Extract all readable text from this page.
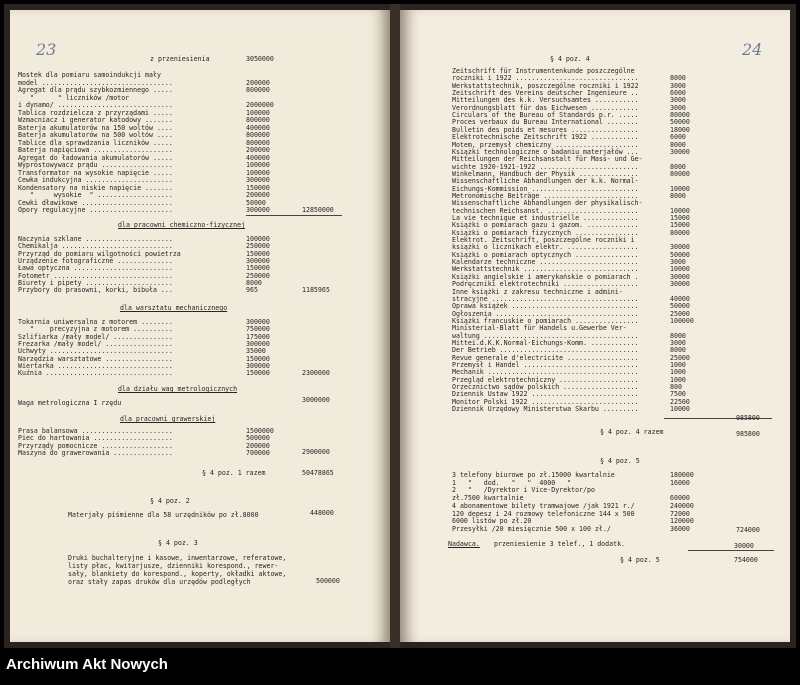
23	z przeniesienia	3050000
Mostek dla pomiaru samoindukcji mały
model .................................	200000
Agregat dla prądu szybkozmiennego .....	800000
"      " liczników /motor
i dynamo/ .............................	2000000
Tablica rozdzielcza z przyrządami .....	100000
Wzmacniacz i generator katodowy .......	800000
Baterja akumulatorów na 150 woltów ....	400000
Baterja akumulatorów na 500 woltów ....	800000
Tablice dla sprawdzania liczników .....	800000
Baterja napięciowa ....................	200000
Agregat do ładowania akumulatorów .....	400000
Wyprostowywacz prądu ..................	100000
Transformator na wysokie napięcie .....	100000
Cewka indukcyjna ......................	300000
Kondensatory na niskie napięcie .......	150000
"     wysokie  " ...................	200000
Cewki dławikowe .......................	50000
Opory regulacyjne .....................	300000	12850000
dla pracowni chemiczno-fizycznej
Naczynia szklane ......................	100000
Chemikalja ............................	250000
Przyrząd do pomiaru wilgotności powietrza	150000
Urządzenie fotograficzne ..............	300000
Ława optyczna .........................	150000
Fotometr ..............................	250000
Biurety i pipety ......................	8000
Przybory do prasowni, korki, bibuła ...	965	1185965
dla warsztatu mechanicznego
Tokarnia uniwersalna z motorem ........	300000
"    precyzyjna z motorem ..........	750000
Szlifiarka /mały model/ ...............	175000
Frezarka /mały model/ .................	300000
Uchwyty ...............................	35000
Narzędzia warsztatowe .................	150000
Wiertarka .............................	300000
Kuźnia ................................	150000	2300000
dla działu wag metrologicznych
Waga metrologiczna I rzędu	3000000
dla pracowni grawerskiej
Prasa balansowa .......................	1500000
Piec do hartowania ....................	500000
Przyrządy pomocnicze ..................	200000
Maszyna do grawerowania ...............	700000	2900000
§ 4 poz. 1 razem	50478865
§ 4 poz. 2
Materjały piśmienne dla 58 urzędników po zł.8000	448000
§ 4 poz. 3
Druki buchalteryjne i kasowe, inwentarzowe, referatowe,
listy płac, kwitarjusze, dzienniki korespond., rewer-
sały, blankiety do korespond., koperty, okładki aktowe,
oraz stały zapas druków dla urzędów podległych	500000
24
§ 4 poz. 4
Zeitschrift für Instrumentenkunde poszczególne
roczniki i 1922 ...............................	8000
Werkstattstechnik, poszczególne roczniki i 1922	3000
Zeitschrift des Vereins deutscher Ingenieure ..	6000
Mitteilungen des k.k. Versuchsamtes ...........	3000
Verordnungsblatt für das Eichwesen ............	3000
Circulars of the Bureau of Standards p.r. .....	80000
Proces verbaux du Bureau International ........	50000
Bulletin des poids et mesures .................	18000
Elektrotechnische Zeitschrift 1922 ............	6000
Motem, przemysł chemiczny .....................	8000
Książki technologiczne o badaniu materjałów ...	30000
Mitteilungen der Reichsanstalt für Mass- und Ge-
wichte 1920-1921-1922 .........................	8000
Winkelmann, Handbuch der Physik ...............	80000
Wissenschaftliche Abhandlungen der k.k. Normal-
Eichungs-Kommission ...........................	10000
Metronomische Beiträge ........................	8000
Wissenschaftliche Abhandlungen der physikalisch-
technischen Reichsanst. .......................	10000
La vie technique et industrielle ..............	15000
Książki o pomiarach gazu i gazom. .............	15000
Książki o pomiarach fizycznych ................	80000
Elektrot. Zeitschrift, poszczególne roczniki i
książki o licznikach elektr. ..................	30000
Książki o pomiarach optycznych ................	50000
Kalendarze techniczne .........................	3000
Werkstattstechnik .............................	10000
Książki angielskie i amerykańskie o pomiarach .	30000
Podręczniki elektrotechniki ...................	30000
Inne książki z zakresu techniczne i admini-
stracyjne .....................................	40000
Oprawa książek ................................	50000
Ogłoszenia ....................................	25000
Książki francuskie o pomiarach ................	100000
Ministerial-Blatt für Handels u.Gewerbe Ver-
waltung .......................................	8000
Mittei.d.K.K.Normal-Eichungs-Komm. ............	3000
Der Betrieb ...................................	8000
Revue generale d'electricite ..................	25000
Przemysł i Handel .............................	1000
Mechanik ......................................	1000
Przegląd elektrotechniczny ....................	1000
Orzecznictwo sądów polskich ...................	800
Dziennik Ustaw 1922 ...........................	7500
Monitor Polski 1922 ...........................	22500
Dziennik Urzędowy Ministerstwa Skarbu .........	10000
985800
§ 4 poz. 4 razem	985800
§ 4 poz. 5
3 telefony biurowe po zł.15000 kwartalnie	180000
1   "   dod.   "   "  4000   "	16000
2   "   /Dyrektor i Vice-Dyrektor/po
zł.7500 kwartalnie	60000
4 abonamentowe bilety tramwajowe /jak 1921 r./	240000
120 depesz i 24 rozmowy telefoniczne 144 x 500	72000
6000 listów po zł.20	120000
Przesyłki /20 miesięcznie 500 x 100 zł./	36000	724000
Nadawca. przeniesienie 3 telef., 1 dodatk.	30000
§ 4 poz. 5	754000
Archiwum Akt Nowych
